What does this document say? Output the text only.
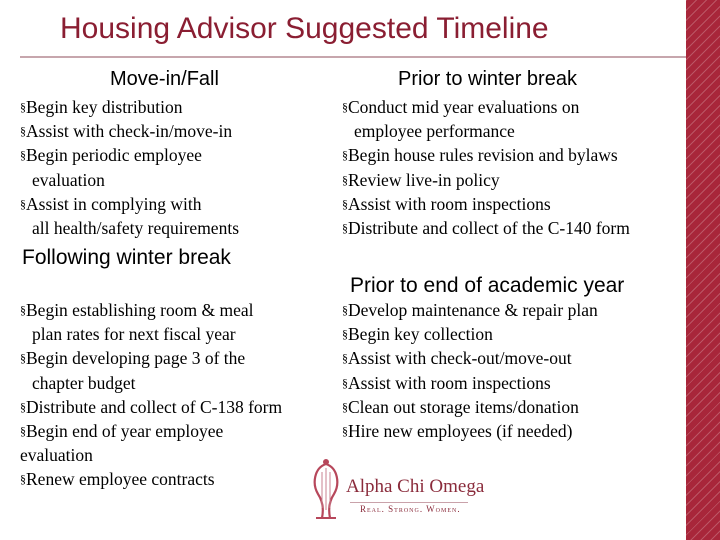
Housing Advisor Suggested Timeline
Move-in/Fall
§Begin key distribution
§Assist with check-in/move-in
§Begin periodic employee
evaluation
§Assist in complying with
all health/safety requirements
Prior to winter break
§Conduct mid year evaluations on
employee performance
§Begin house rules revision and bylaws
§Review live-in policy
§Assist with room inspections
§Distribute and collect of the C-140 form
Following winter break
§Begin establishing room & meal
plan rates for next fiscal year
§Begin developing page 3 of the
chapter budget
§Distribute and collect of C-138 form
§Begin end of year employee
evaluation
§Renew employee contracts
Prior to end of academic year
§Develop maintenance & repair plan
§Begin key collection
§Assist with check-out/move-out
§Assist with room inspections
§Clean out storage items/donation
§Hire new employees (if needed)
Alpha Chi Omega
Real. Strong. Women.
